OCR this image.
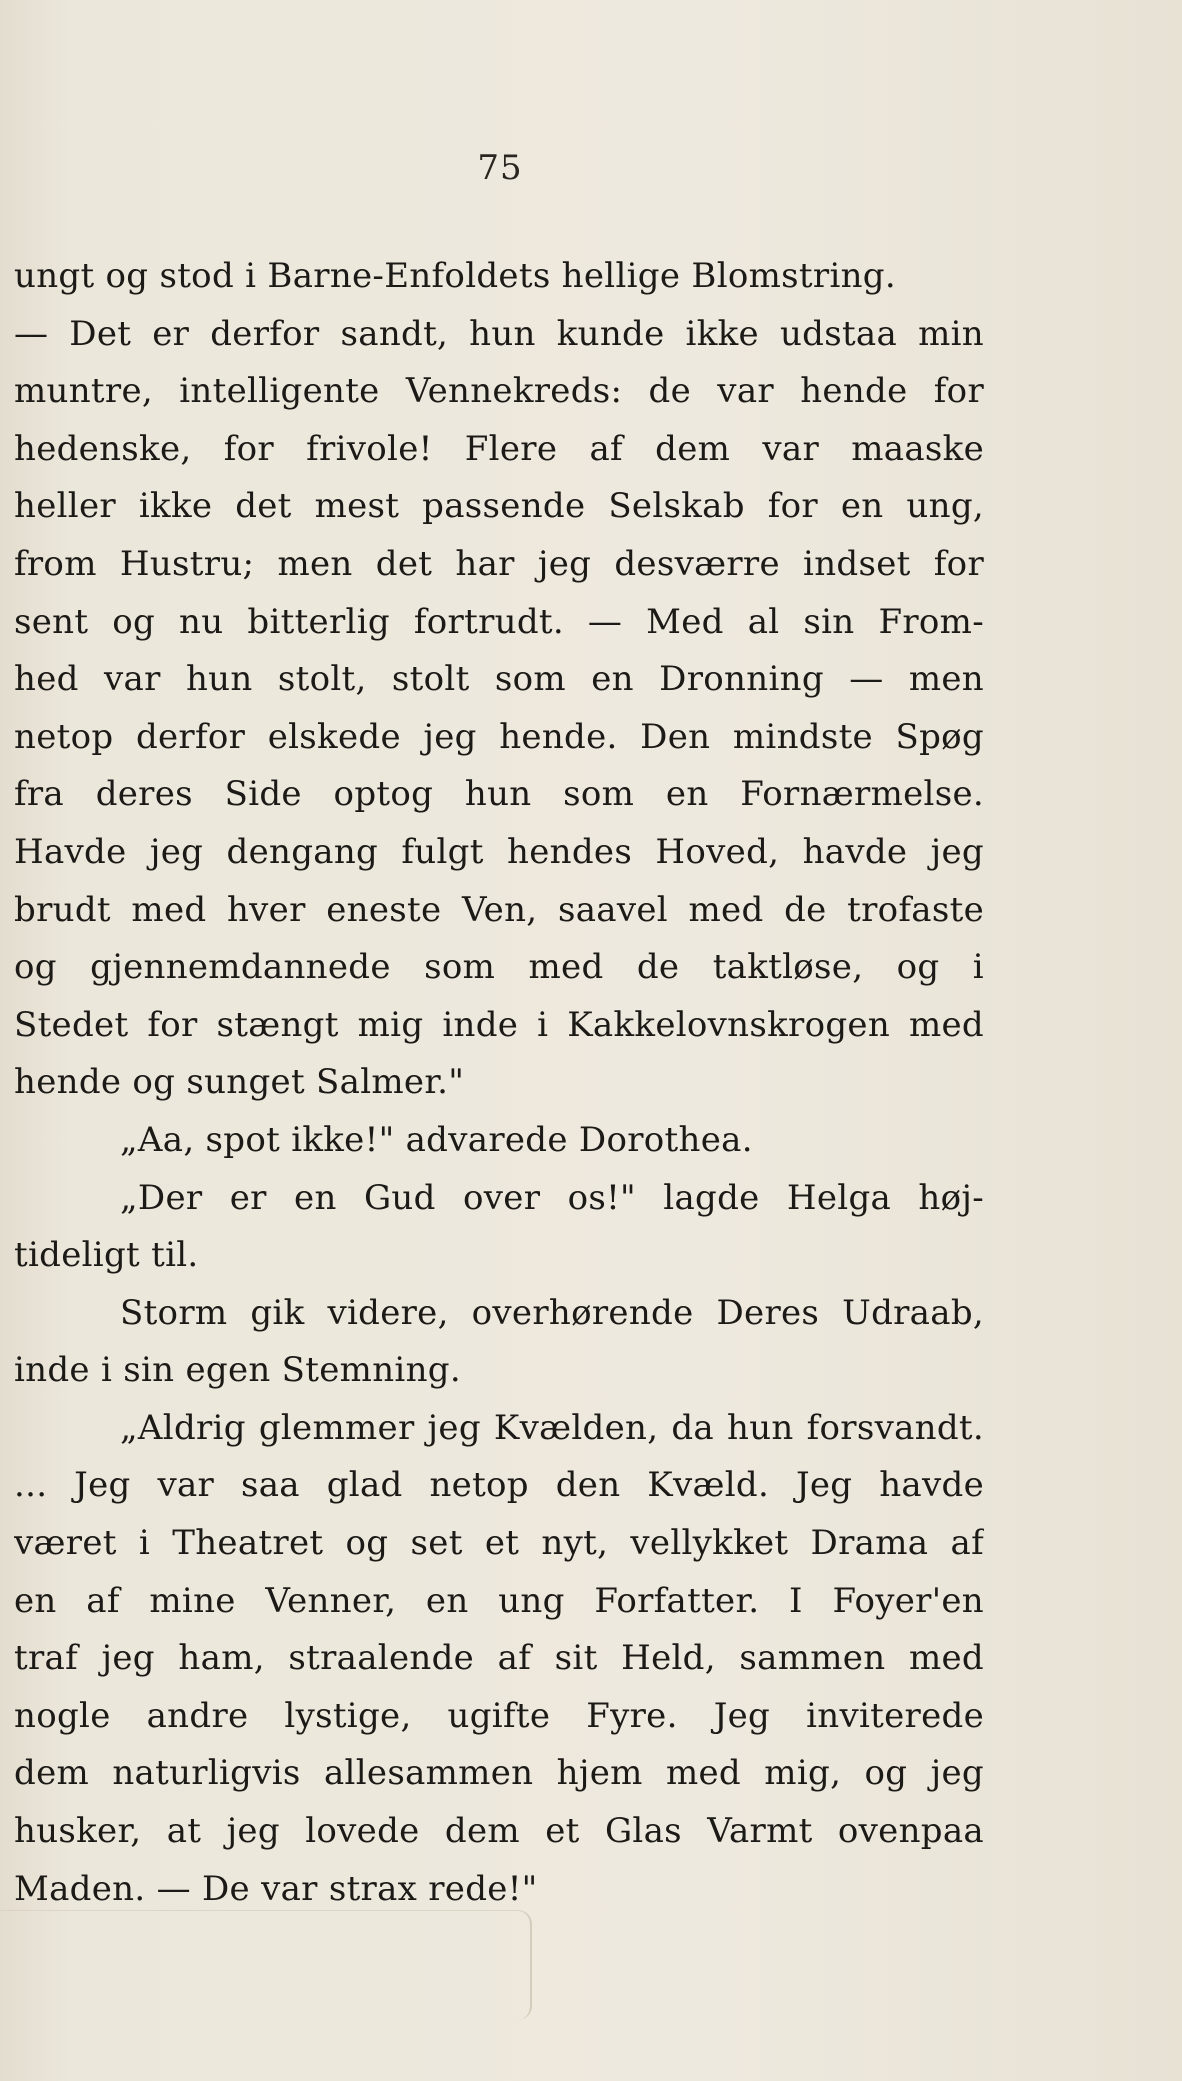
75
ungt og stod i Barne-Enfoldets hellige Blomstring.
— Det er derfor sandt, hun kunde ikke udstaa min
muntre, intelligente Vennekreds: de var hende for
hedenske, for frivole! Flere af dem var maaske
heller ikke det mest passende Selskab for en ung,
from Hustru; men det har jeg desværre indset for
sent og nu bitterlig fortrudt. — Med al sin From-
hed var hun stolt, stolt som en Dronning — men
netop derfor elskede jeg hende. Den mindste Spøg
fra deres Side optog hun som en Fornærmelse.
Havde jeg dengang fulgt hendes Hoved, havde jeg
brudt med hver eneste Ven, saavel med de trofaste
og gjennemdannede som med de taktløse, og i
Stedet for stængt mig inde i Kakkelovnskrogen med
hende og sunget Salmer."
„Aa, spot ikke!" advarede Dorothea.
„Der er en Gud over os!" lagde Helga høj-
tideligt til.
Storm gik videre, overhørende Deres Udraab,
inde i sin egen Stemning.
„Aldrig glemmer jeg Kvælden, da hun forsvandt.
... Jeg var saa glad netop den Kvæld. Jeg havde
været i Theatret og set et nyt, vellykket Drama af
en af mine Venner, en ung Forfatter. I Foyer'en
traf jeg ham, straalende af sit Held, sammen med
nogle andre lystige, ugifte Fyre. Jeg inviterede
dem naturligvis allesammen hjem med mig, og jeg
husker, at jeg lovede dem et Glas Varmt ovenpaa
Maden. — De var strax rede!"
